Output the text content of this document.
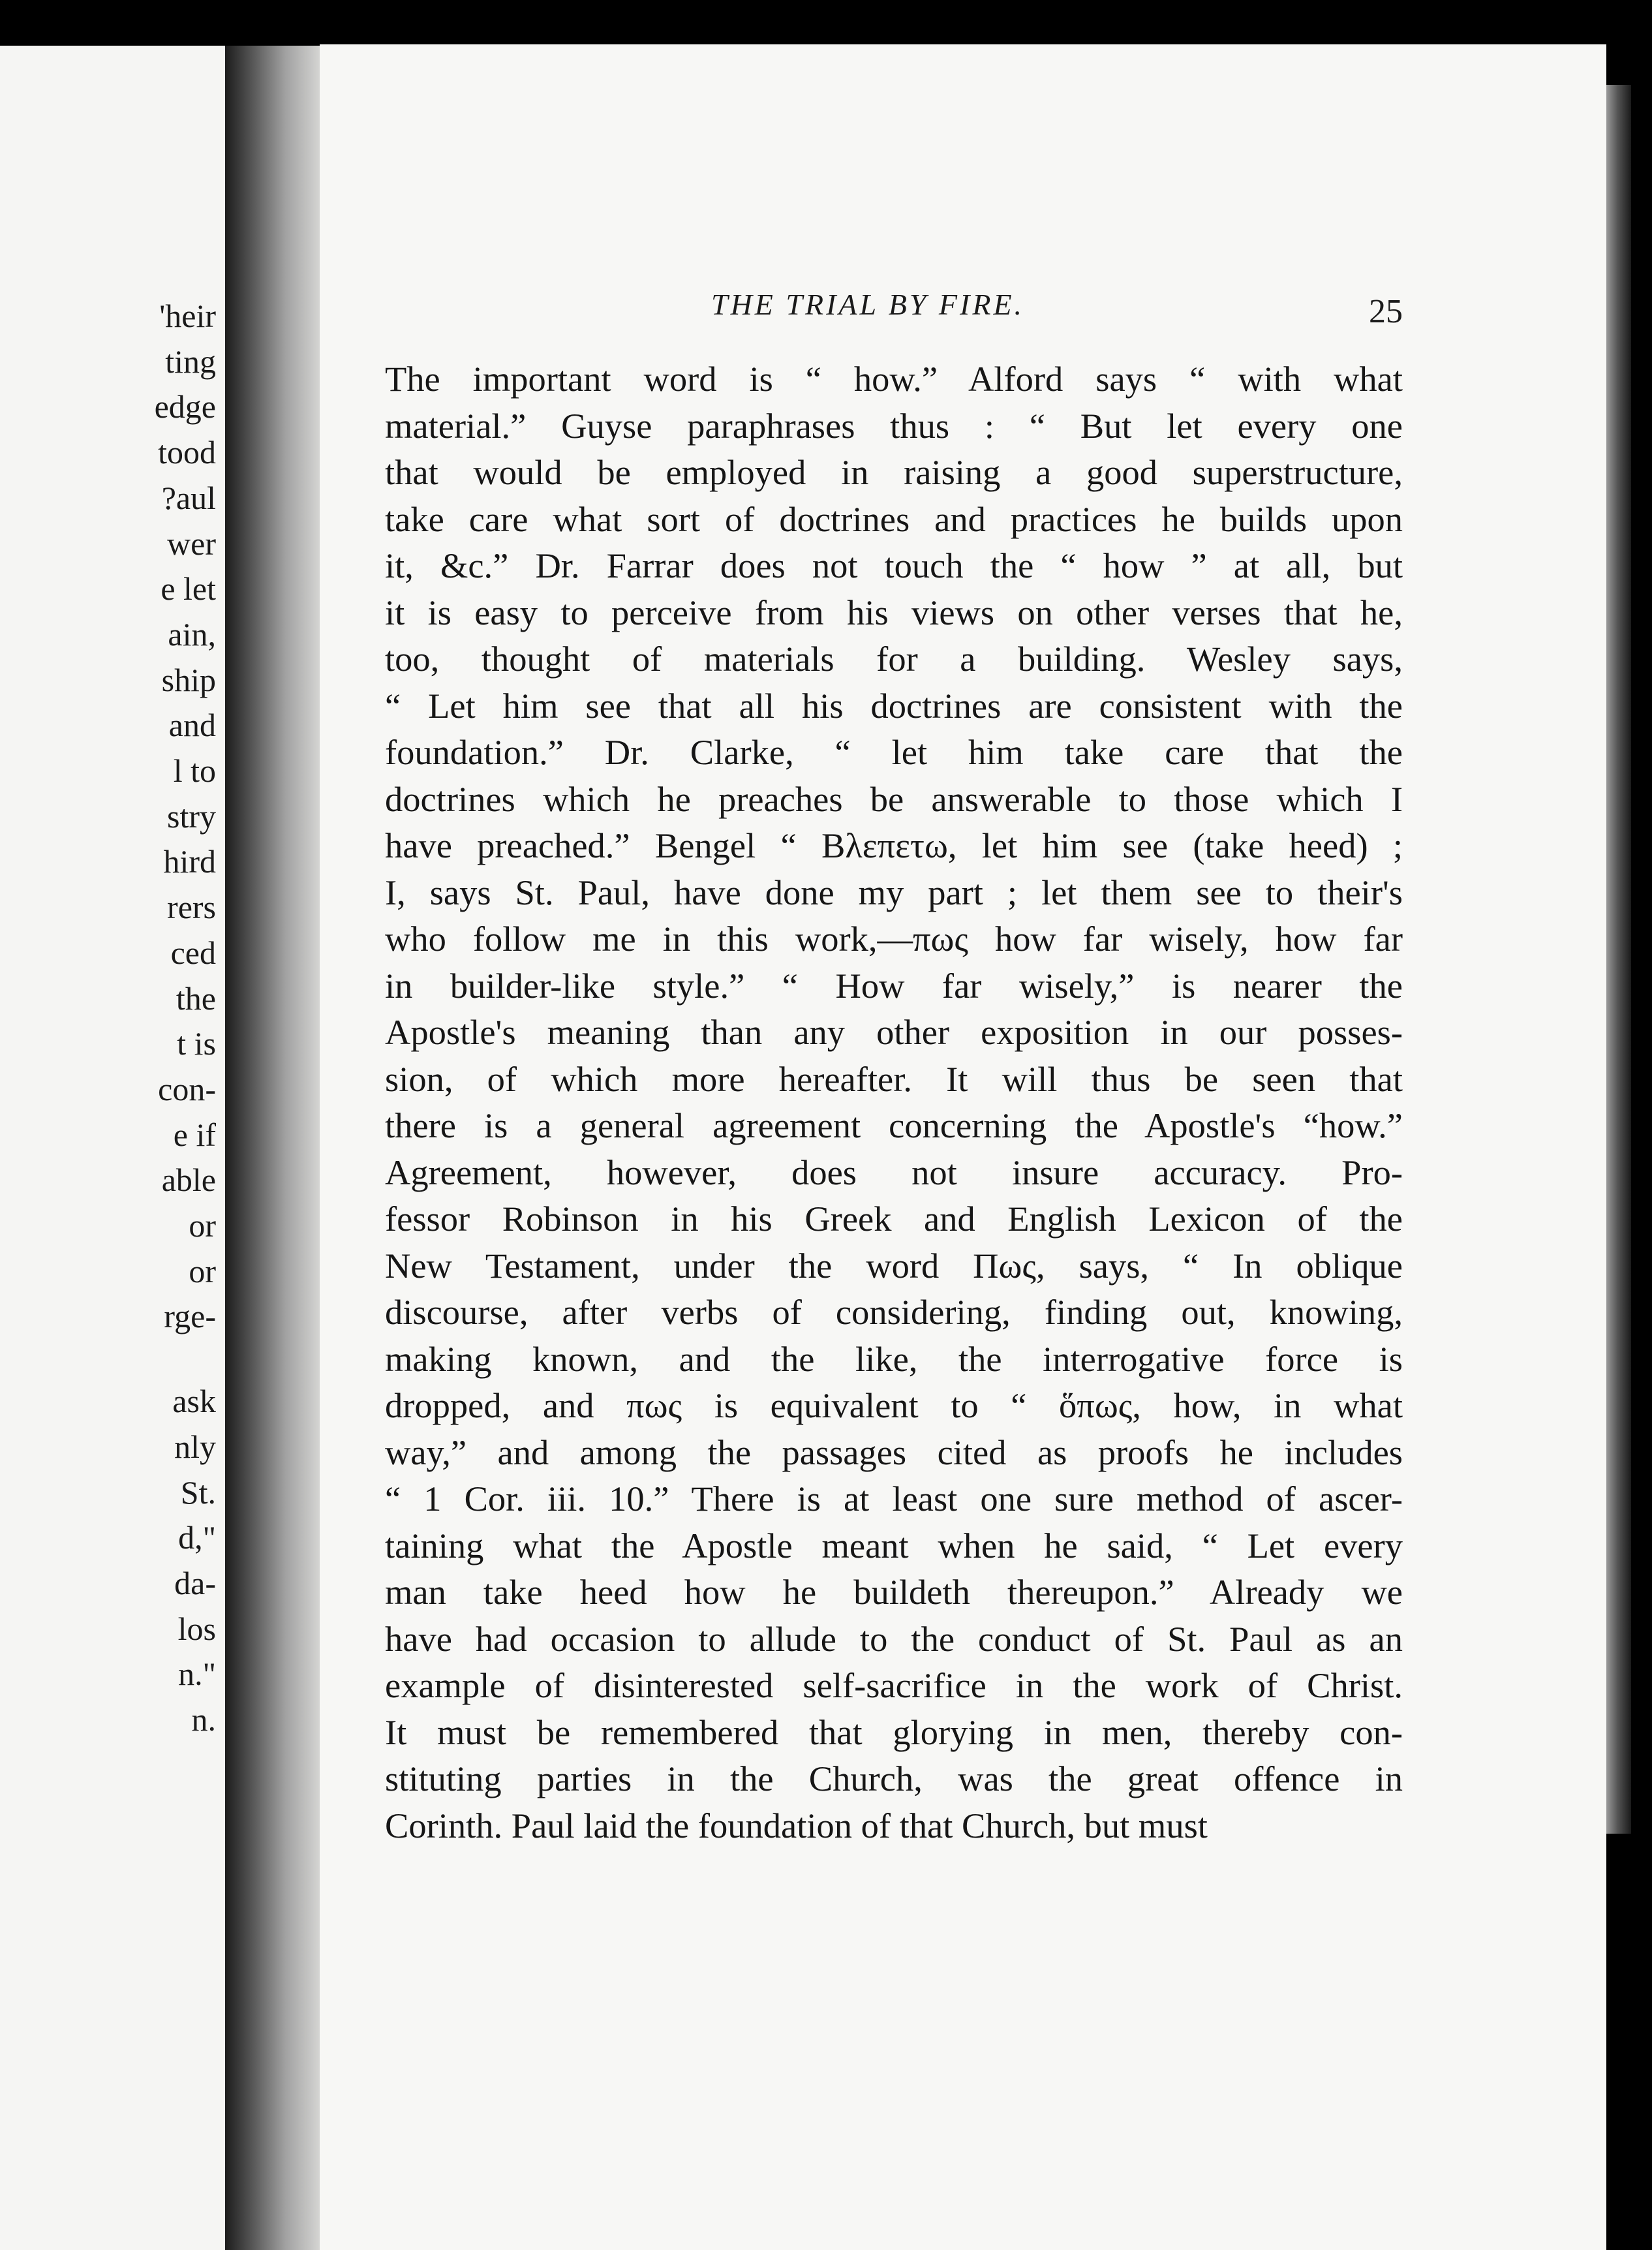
'heir
ting
edge
tood
?aul
wer
e let
ain,
ship
and
l to
stry
hird
rers
ced
the
t is
con-
e if
able
or
or
rge-
ask
nly
St.
d,"
da-
los
n."
n.
THE TRIAL BY FIRE.	25
The important word is “ how.” Alford says “ with what
material.” Guyse paraphrases thus : “ But let every one
that would be employed in raising a good superstructure,
take care what sort of doctrines and practices he builds upon
it, &c.” Dr. Farrar does not touch the “ how ” at all, but
it is easy to perceive from his views on other verses that he,
too, thought of materials for a building. Wesley says,
“ Let him see that all his doctrines are consistent with the
foundation.” Dr. Clarke, “ let him take care that the
doctrines which he preaches be answerable to those which I
have preached.” Bengel “ Βλεπετω, let him see (take heed) ;
I, says St. Paul, have done my part ; let them see to their's
who follow me in this work,—πως how far wisely, how far
in builder-like style.” “ How far wisely,” is nearer the
Apostle's meaning than any other exposition in our posses-
sion, of which more hereafter. It will thus be seen that
there is a general agreement concerning the Apostle's “how.”
Agreement, however, does not insure accuracy. Pro-
fessor Robinson in his Greek and English Lexicon of the
New Testament, under the word Πως, says, “ In oblique
discourse, after verbs of considering, finding out, knowing,
making known, and the like, the interrogative force is
dropped, and πως is equivalent to “ ὅπως, how, in what
way,” and among the passages cited as proofs he includes
“ 1 Cor. iii. 10.” There is at least one sure method of ascer-
taining what the Apostle meant when he said, “ Let every
man take heed how he buildeth thereupon.” Already we
have had occasion to allude to the conduct of St. Paul as an
example of disinterested self-sacrifice in the work of Christ.
It must be remembered that glorying in men, thereby con-
stituting parties in the Church, was the great offence in
Corinth. Paul laid the foundation of that Church, but must
